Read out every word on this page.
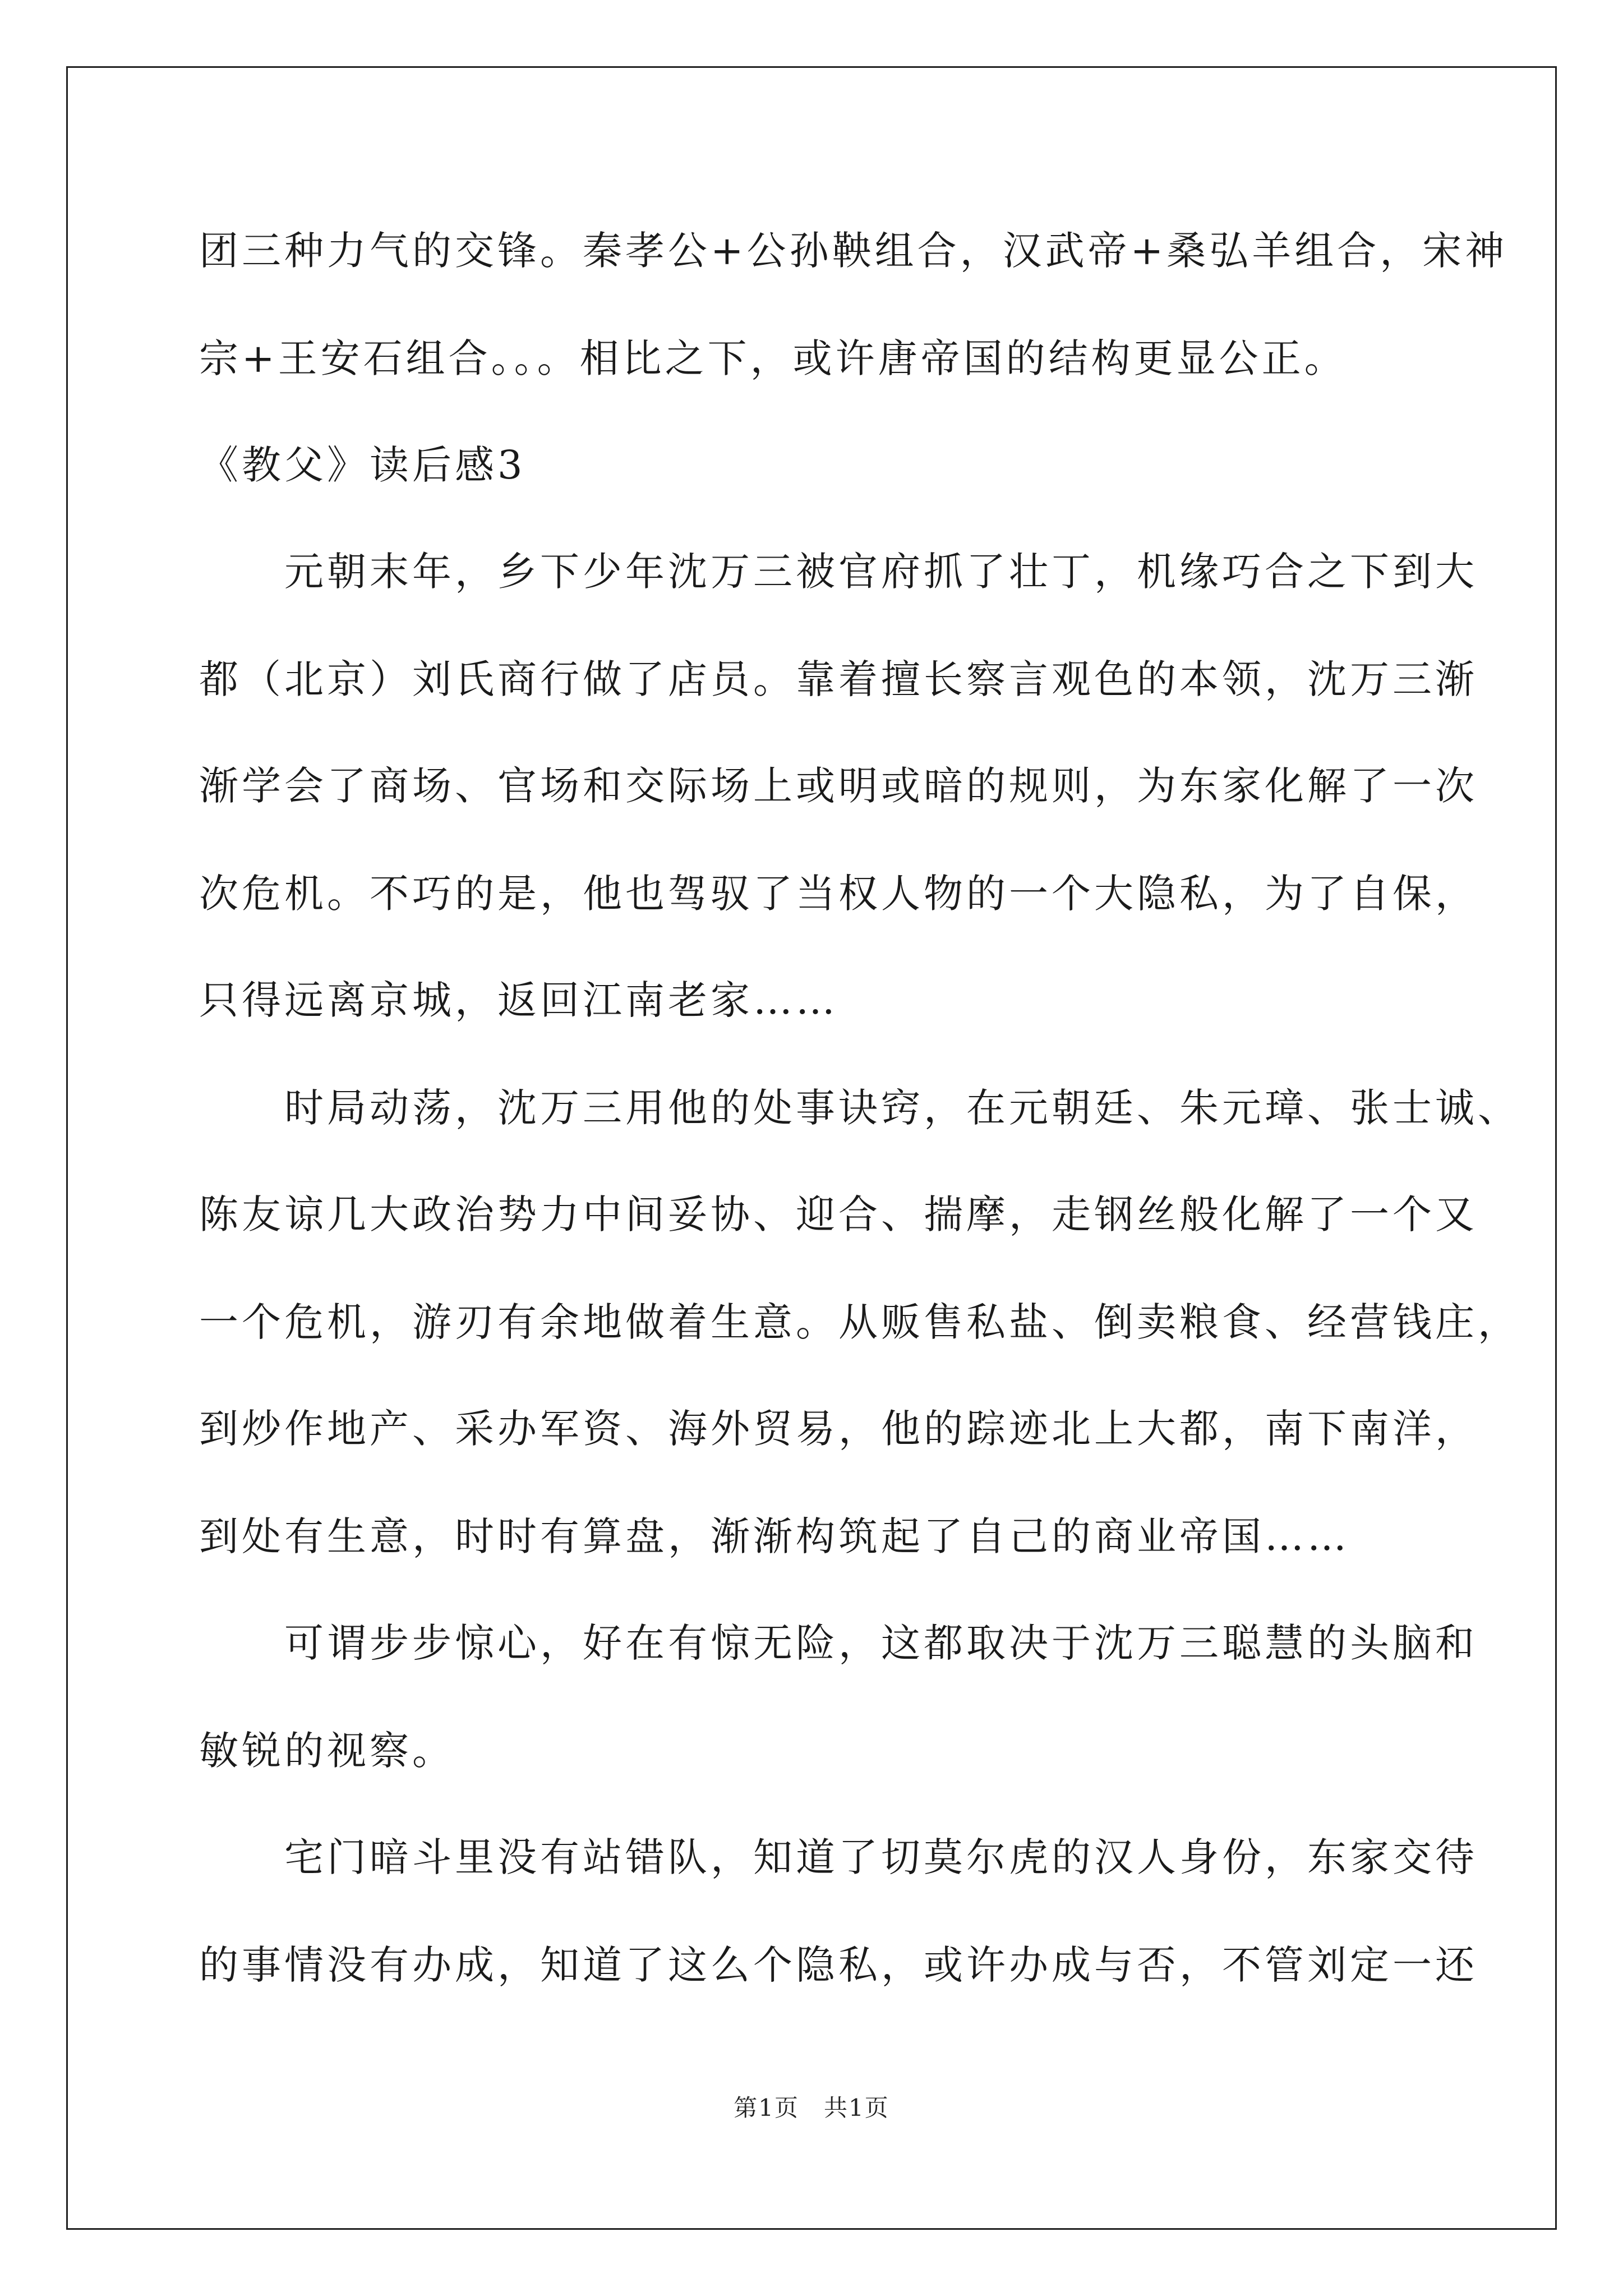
团三种力气的交锋。秦孝公+公孙鞅组合，汉武帝+桑弘羊组合，宋神
宗+王安石组合。。。相比之下，或许唐帝国的结构更显公正。
《教父》读后感3
　　元朝末年，乡下少年沈万三被官府抓了壮丁，机缘巧合之下到大
都（北京）刘氏商行做了店员。靠着擅长察言观色的本领，沈万三渐
渐学会了商场、官场和交际场上或明或暗的规则，为东家化解了一次
次危机。不巧的是，他也驾驭了当权人物的一个大隐私，为了自保，
只得远离京城，返回江南老家……
　　时局动荡，沈万三用他的处事诀窍，在元朝廷、朱元璋、张士诚、
陈友谅几大政治势力中间妥协、迎合、揣摩，走钢丝般化解了一个又
一个危机，游刃有余地做着生意。从贩售私盐、倒卖粮食、经营钱庄，
到炒作地产、采办军资、海外贸易，他的踪迹北上大都，南下南洋，
到处有生意，时时有算盘，渐渐构筑起了自己的商业帝国……
　　可谓步步惊心，好在有惊无险，这都取决于沈万三聪慧的头脑和
敏锐的视察。
　　宅门暗斗里没有站错队，知道了切莫尔虎的汉人身份，东家交待
的事情没有办成，知道了这么个隐私，或许办成与否，不管刘定一还
第1页　共1页
